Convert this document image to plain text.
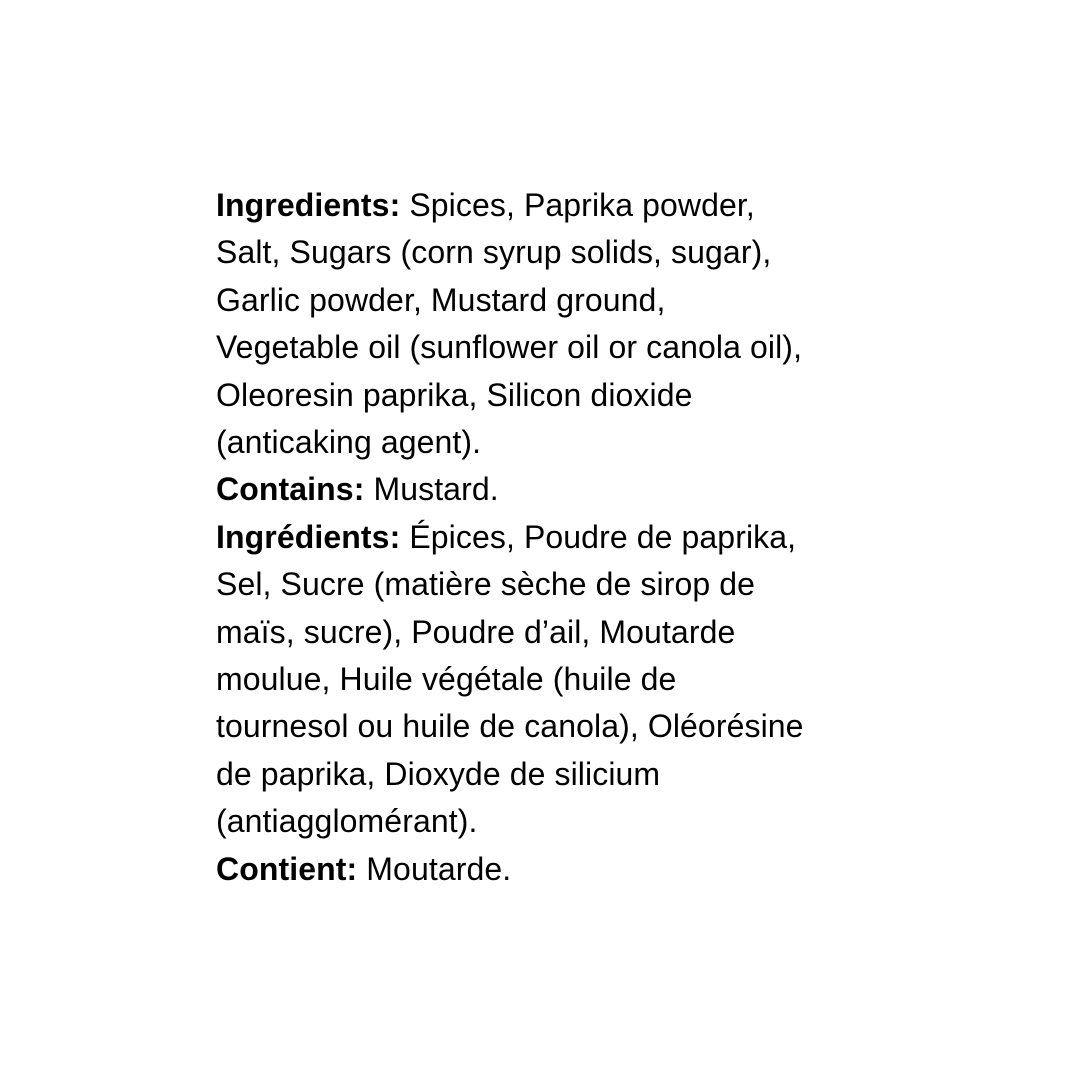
Ingredients: Spices, Paprika powder,
Salt, Sugars (corn syrup solids, sugar),
Garlic powder, Mustard ground,
Vegetable oil (sunflower oil or canola oil),
Oleoresin paprika, Silicon dioxide
(anticaking agent).

Contains: Mustard.

Ingrédients: Épices, Poudre de paprika,
Sel, Sucre (matière sèche de sirop de
maïs, sucre), Poudre d’ail, Moutarde
moulue, Huile végétale (huile de
tournesol ou huile de canola), Oléorésine
de paprika, Dioxyde de silicium
(antiagglomérant).

Contient: Moutarde.
